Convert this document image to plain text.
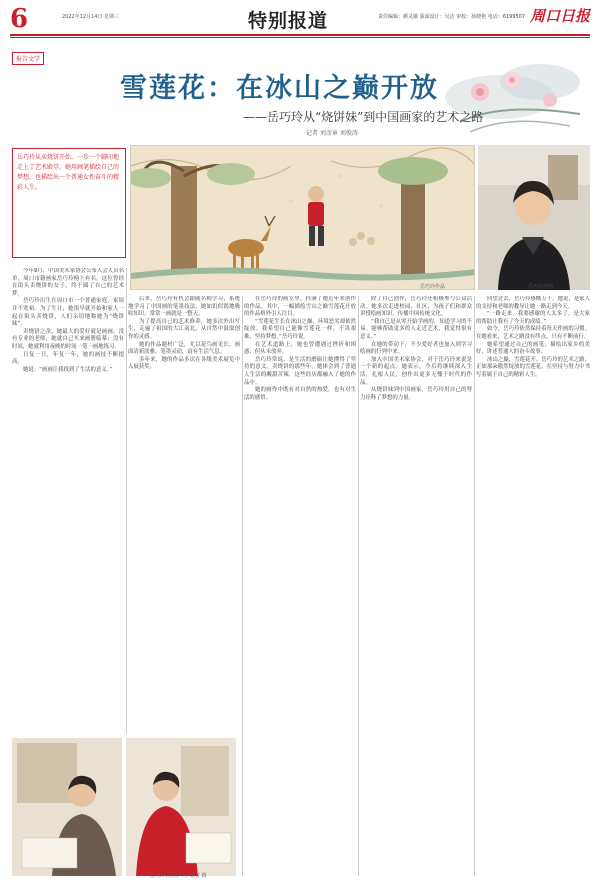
6	2022年12月14日 星期三	特别报道	责任编辑：颜灵娥 版面设计：吴洁 审校：孙晓艳 电话：6199507 周口日报
报告文学
雪莲花：在冰山之巅开放
——岳巧玲从“烧饼妹”到中国画家的艺术之路
记者 刘彦章 刘俊涛
岳巧玲从卖烧饼开始，一步一个脚印地走上了艺术殿堂。她用画笔描绘自己的梦想，也描绘出一个普通女性奋斗的精彩人生。
岳巧玲作品	岳巧玲近照

今年9月，中国美术家协会公布入会人员名单，周口市籍画家岳巧玲榜上有名。这位曾经在街头卖烧饼的女子，终于圆了自己的艺术梦。

岳巧玲出生在周口市一个普通家庭，家境并不宽裕。为了生计，她很早就开始和家人一起在街头卖烧饼，人们亲切地称她为“烧饼妹”。

卖烧饼之余，她最大的爱好就是画画。没有专业的老师，她就自己买来画册临摹；没有时间，她就利用夜晚的时间一笔一画地练习。

日复一日，年复一年，她的画技不断提高。

她说：“画画让我找到了生活的意义。”

后来，岳巧玲有机会跟随名师学习，系统地学习了中国画的笔墨技法。她如饥似渴地吸收知识，常常一画就是一整天。

为了提高自己的艺术修养，她多次外出写生，走遍了祖国的大江南北，从自然中汲取创作的灵感。

她的作品题材广泛，尤以花鸟画见长。画面清新淡雅，笔墨灵动，富有生活气息。

多年来，她的作品多次在各级美术展览中入展获奖。

在岳巧玲的画室里，挂满了她近年来创作的作品。其中，一幅描绘雪山之巅雪莲花开放的作品格外引人注目。

“雪莲花生长在冰山之巅，环境恶劣却依然绽放。我希望自己能像雪莲花一样，不畏艰难，坚持梦想。”岳巧玲说。

在艺术道路上，她也曾遭遇过挫折和困惑，但从未放弃。

岳巧玲常说，是生活的磨砺让她懂得了坚持的意义。卖烧饼的那些年，她体会到了普通人生活的酸甜苦辣，这些经历都融入了她的作品中。

她的画作中既有对自然的热爱，也有对生活的感悟。

除了自己创作，岳巧玲还积极参与公益活动。她多次走进校园、社区，为孩子们和群众讲授绘画知识，传播中国传统文化。

“我自己是从零开始学画的，知道学习的不易。能够帮助更多的人走近艺术，我觉得很有意义。”

在她的带动下，不少爱好者也加入到学习绘画的行列中来。

加入中国美术家协会，对于岳巧玲来说是一个新的起点。她表示，今后将继续深入生活，扎根人民，创作出更多无愧于时代的作品。

从烧饼妹到中国画家，岳巧玲用自己的努力诠释了梦想的力量。

回望过去，岳巧玲感慨万千。她说，是家人的支持和老师的教导让她一路走到今天。

“一路走来，我要感谢的人太多了。是大家的帮助让我有了今天的成绩。”

如今，岳巧玲依然保持着每天作画的习惯。在她看来，艺术之路没有终点，只有不断前行。

她希望通过自己的画笔，描绘出家乡的美好，讲述普通人的奋斗故事。

冰山之巅，雪莲花开。岳巧玲的艺术之路，正如那朵傲然绽放的雪莲花，在坚持与努力中书写着属于自己的精彩人生。

岳巧玲在创作中。记者 摄
